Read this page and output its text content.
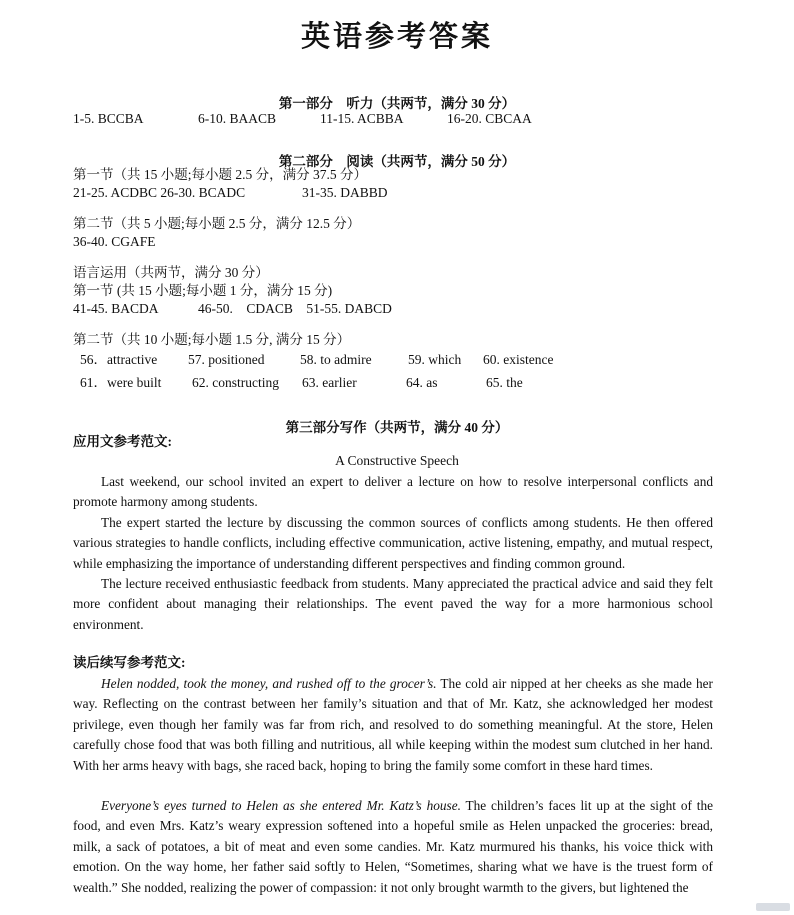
英语参考答案
第一部分　听力（共两节，满分 30 分）
1-5. BCCBA	6-10. BAACB	11-15. ACBBA	16-20. CBCAA
第二部分　阅读（共两节，满分 50 分）
第一节（共 15 小题;每小题 2.5 分，满分 37.5 分）
21-25. ACDBC 26-30. BCADC	31-35. DABBD
第二节（共 5 小题;每小题 2.5 分，满分 12.5 分）
36-40. CGAFE
语言运用（共两节，满分 30 分）
第一节 (共 15 小题;每小题 1 分，满分 15 分)
41-45. BACDA	46-50.　CDACB　51-55. DABCD
第二节（共 10 小题;每小题 1.5 分, 满分 15 分）
56．attractive 57. positioned	58. to admire	59. which 60. existence
61．were built 62. constructing 63. earlier	64. as	65. the
第三部分写作（共两节，满分 40 分）
应用文参考范文:
A Constructive Speech
Last weekend, our school invited an expert to deliver a lecture on how to resolve interpersonal conflicts and promote harmony among students.
The expert started the lecture by discussing the common sources of conflicts among students. He then offered various strategies to handle conflicts, including effective communication, active listening, empathy, and mutual respect, while emphasizing the importance of understanding different perspectives and finding common ground.
The lecture received enthusiastic feedback from students. Many appreciated the practical advice and said they felt more confident about managing their relationships. The event paved the way for a more harmonious school environment.
读后续写参考范文:
Helen nodded, took the money, and rushed off to the grocer’s. The cold air nipped at her cheeks as she made her way. Reflecting on the contrast between her family’s situation and that of Mr. Katz, she acknowledged her modest privilege, even though her family was far from rich, and resolved to do something meaningful. At the store, Helen carefully chose food that was both filling and nutritious, all while keeping within the modest sum clutched in her hand. With her arms heavy with bags, she raced back, hoping to bring the family some comfort in these hard times.
Everyone’s eyes turned to Helen as she entered Mr. Katz’s house. The children’s faces lit up at the sight of the food, and even Mrs. Katz’s weary expression softened into a hopeful smile as Helen unpacked the groceries: bread, milk, a sack of potatoes, a bit of meat and even some candies. Mr. Katz murmured his thanks, his voice thick with emotion. On the way home, her father said softly to Helen, “Sometimes, sharing what we have is the truest form of wealth.” She nodded, realizing the power of compassion: it not only brought warmth to the givers, but lightened the
